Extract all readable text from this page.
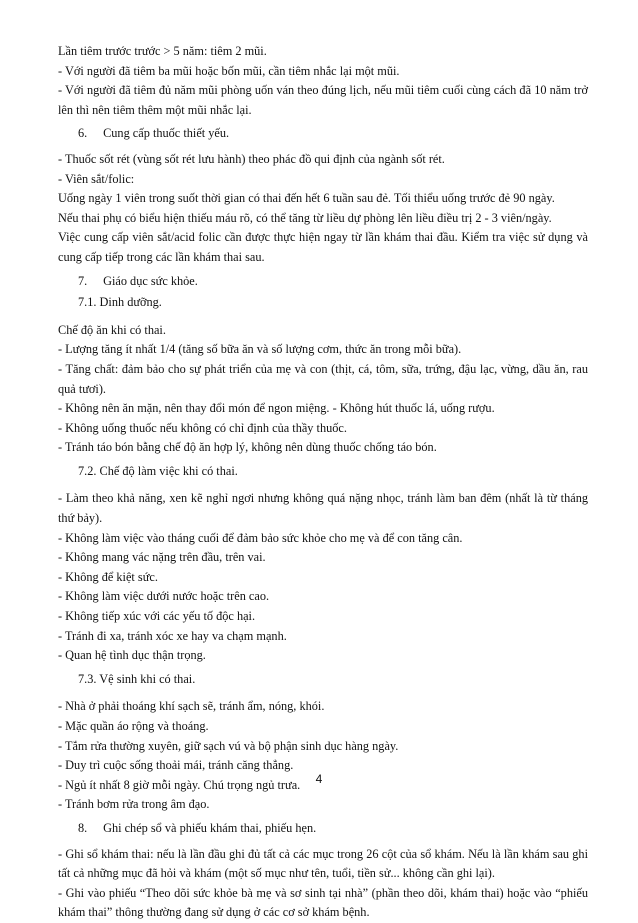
Lần tiêm trước trước > 5 năm: tiêm 2 mũi.

- Với người đã tiêm ba mũi hoặc bốn mũi, cần tiêm nhắc lại một mũi.

- Với người đã tiêm đủ năm mũi phòng uốn ván theo đúng lịch, nếu mũi tiêm cuối cùng cách đã 10 năm trở lên thì nên tiêm thêm một mũi nhắc lại.

6. Cung cấp thuốc thiết yếu.

- Thuốc sốt rét (vùng sốt rét lưu hành) theo phác đồ qui định của ngành sốt rét.

- Viên sắt/folic:

Uống ngày 1 viên trong suốt thời gian có thai đến hết 6 tuần sau đẻ. Tối thiểu uống trước đẻ 90 ngày.

Nếu thai phụ có biểu hiện thiếu máu rõ, có thể tăng từ liều dự phòng lên liều điều trị 2 - 3 viên/ngày.

Việc cung cấp viên sắt/acid folic cần được thực hiện ngay từ lần khám thai đầu. Kiểm tra việc sử dụng và cung cấp tiếp trong các lần khám thai sau.

7. Giáo dục sức khỏe.

7.1. Dinh dưỡng.

Chế độ ăn khi có thai.

- Lượng tăng ít nhất 1/4 (tăng số bữa ăn và số lượng cơm, thức ăn trong mỗi bữa).

- Tăng chất: đảm bảo cho sự phát triển của mẹ và con (thịt, cá, tôm, sữa, trứng, đậu lạc, vừng, dầu ăn, rau quả tươi).

- Không nên ăn mặn, nên thay đổi món để ngon miệng. - Không hút thuốc lá, uống rượu.

- Không uống thuốc nếu không có chỉ định của thầy thuốc.

- Tránh táo bón bằng chế độ ăn hợp lý, không nên dùng thuốc chống táo bón.

7.2. Chế độ làm việc khi có thai.

- Làm theo khả năng, xen kẽ nghỉ ngơi nhưng không quá nặng nhọc, tránh làm ban đêm (nhất là từ tháng thứ bảy).

- Không làm việc vào tháng cuối để đảm bảo sức khỏe cho mẹ và để con tăng cân.

- Không mang vác nặng trên đầu, trên vai.

- Không để kiệt sức.

- Không làm việc dưới nước hoặc trên cao.

- Không tiếp xúc với các yếu tố độc hại.

- Tránh đi xa, tránh xóc xe hay va chạm mạnh.

- Quan hệ tình dục thận trọng.

7.3. Vệ sinh khi có thai.

- Nhà ở phải thoáng khí sạch sẽ, tránh ẩm, nóng, khói.

- Mặc quần áo rộng và thoáng.

- Tắm rửa thường xuyên, giữ sạch vú và bộ phận sinh dục hàng ngày.

- Duy trì cuộc sống thoải mái, tránh căng thẳng.

- Ngủ ít nhất 8 giờ mỗi ngày. Chú trọng ngủ trưa.

- Tránh bơm rửa trong âm đạo.

8. Ghi chép sổ và phiếu khám thai, phiếu hẹn.

- Ghi sổ khám thai: nếu là lần đầu ghi đủ tất cả các mục trong 26 cột của sổ khám. Nếu là lần khám sau ghi tất cả những mục đã hỏi và khám (một số mục như tên, tuổi, tiền sử... không cần ghi lại).

- Ghi vào phiếu “Theo dõi sức khỏe bà mẹ và sơ sinh tại nhà” (phần theo dõi, khám thai) hoặc vào “phiếu khám thai” thông thường đang sử dụng ở các cơ sở khám bệnh.

4
